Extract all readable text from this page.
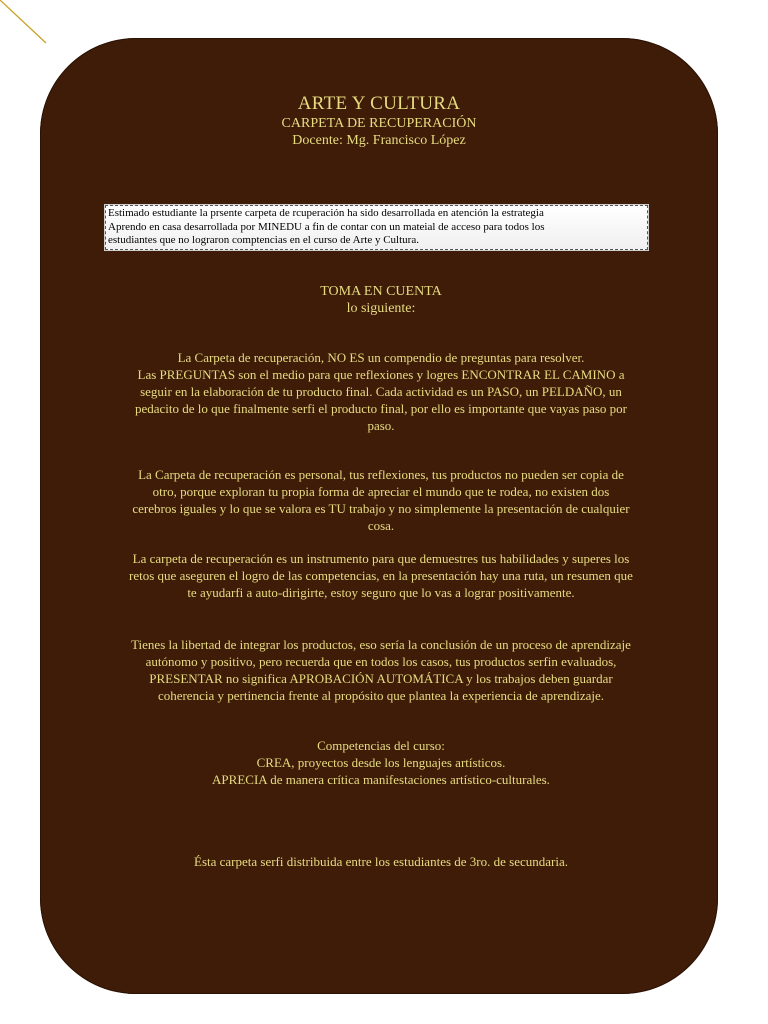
ARTE Y CULTURA
CARPETA DE RECUPERACIÓN
Docente: Mg. Francisco López
Estimado estudiante la prsente carpeta de rcuperación ha sido desarrollada en atención la estrategia
Aprendo en casa desarrollada por MINEDU a fin de contar con un mateial de acceso para todos los
estudiantes que no lograron comptencias en el curso de Arte y Cultura.
TOMA EN CUENTA
lo siguiente:
La Carpeta de recuperación, NO ES un compendio de preguntas para resolver.
Las PREGUNTAS son el medio para que reflexiones y logres ENCONTRAR EL CAMINO a
seguir en la elaboración de tu producto final. Cada actividad es un PASO, un PELDAÑO, un
pedacito de lo que finalmente serfi el producto final, por ello es importante que vayas paso por
paso.
La Carpeta de recuperación es personal, tus reflexiones, tus productos no pueden ser copia de
otro, porque exploran tu propia forma de apreciar el mundo que te rodea, no existen dos
cerebros iguales y lo que se valora es TU trabajo y no simplemente la presentación de cualquier
cosa.
La carpeta de recuperación es un instrumento para que demuestres tus habilidades y superes los
retos que aseguren el logro de las competencias, en la presentación hay una ruta, un resumen que
te ayudarfi a auto-dirigirte, estoy seguro que lo vas a lograr positivamente.
Tienes la libertad de integrar los productos, eso sería la conclusión de un proceso de aprendizaje
autónomo y positivo, pero recuerda que en todos los casos, tus productos serfin evaluados,
PRESENTAR no significa APROBACIÓN AUTOMÁTICA y los trabajos deben guardar
coherencia y pertinencia frente al propósito que plantea la experiencia de aprendizaje.
Competencias del curso:
CREA, proyectos desde los lenguajes artísticos.
APRECIA de manera crítica manifestaciones artístico-culturales.
Ésta carpeta serfi distribuida entre los estudiantes de 3ro. de secundaria.
